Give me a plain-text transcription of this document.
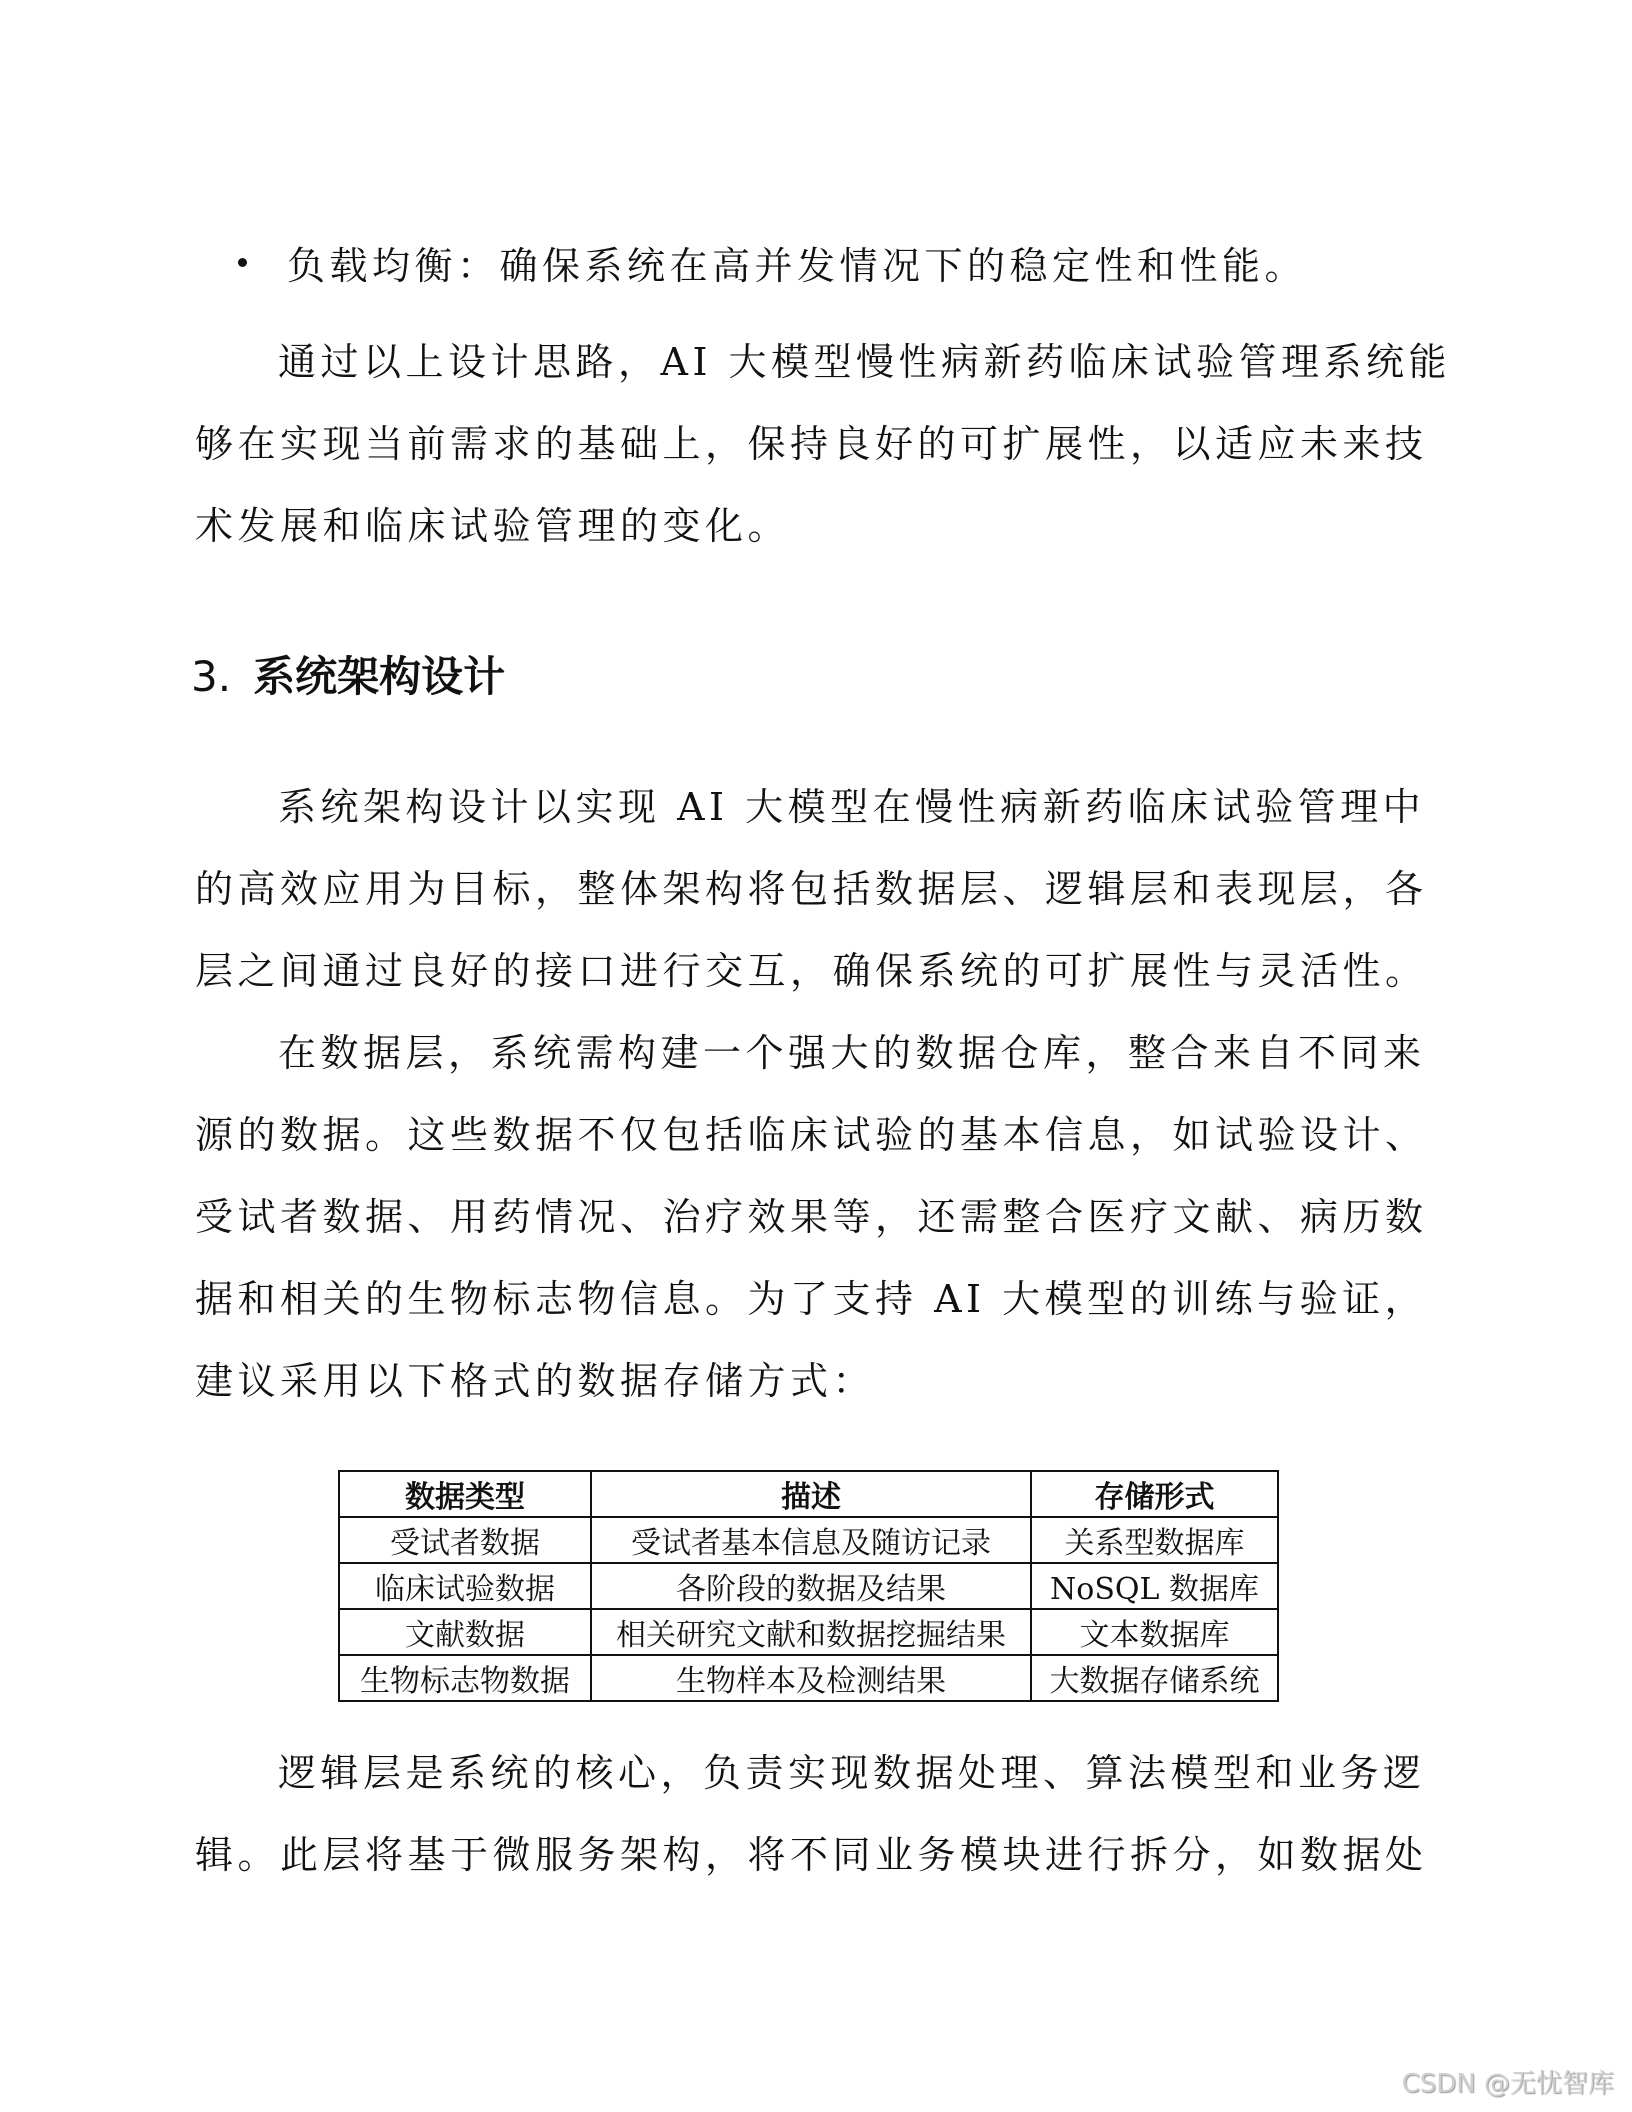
负载均衡：确保系统在高并发情况下的稳定性和性能。
通过以上设计思路，AI 大模型慢性病新药临床试验管理系统能
够在实现当前需求的基础上，保持良好的可扩展性，以适应未来技
术发展和临床试验管理的变化。
3. 系统架构设计
系统架构设计以实现 AI 大模型在慢性病新药临床试验管理中
的高效应用为目标，整体架构将包括数据层、逻辑层和表现层，各
层之间通过良好的接口进行交互，确保系统的可扩展性与灵活性。
在数据层，系统需构建一个强大的数据仓库，整合来自不同来
源的数据。这些数据不仅包括临床试验的基本信息，如试验设计、
受试者数据、用药情况、治疗效果等，还需整合医疗文献、病历数
据和相关的生物标志物信息。为了支持 AI 大模型的训练与验证，
建议采用以下格式的数据存储方式：
数据类型	描述	存储形式
受试者数据	受试者基本信息及随访记录	关系型数据库
临床试验数据	各阶段的数据及结果	NoSQL 数据库
文献数据	相关研究文献和数据挖掘结果	文本数据库
生物标志物数据	生物样本及检测结果	大数据存储系统
逻辑层是系统的核心，负责实现数据处理、算法模型和业务逻
辑。此层将基于微服务架构，将不同业务模块进行拆分，如数据处
CSDN @无忧智库
